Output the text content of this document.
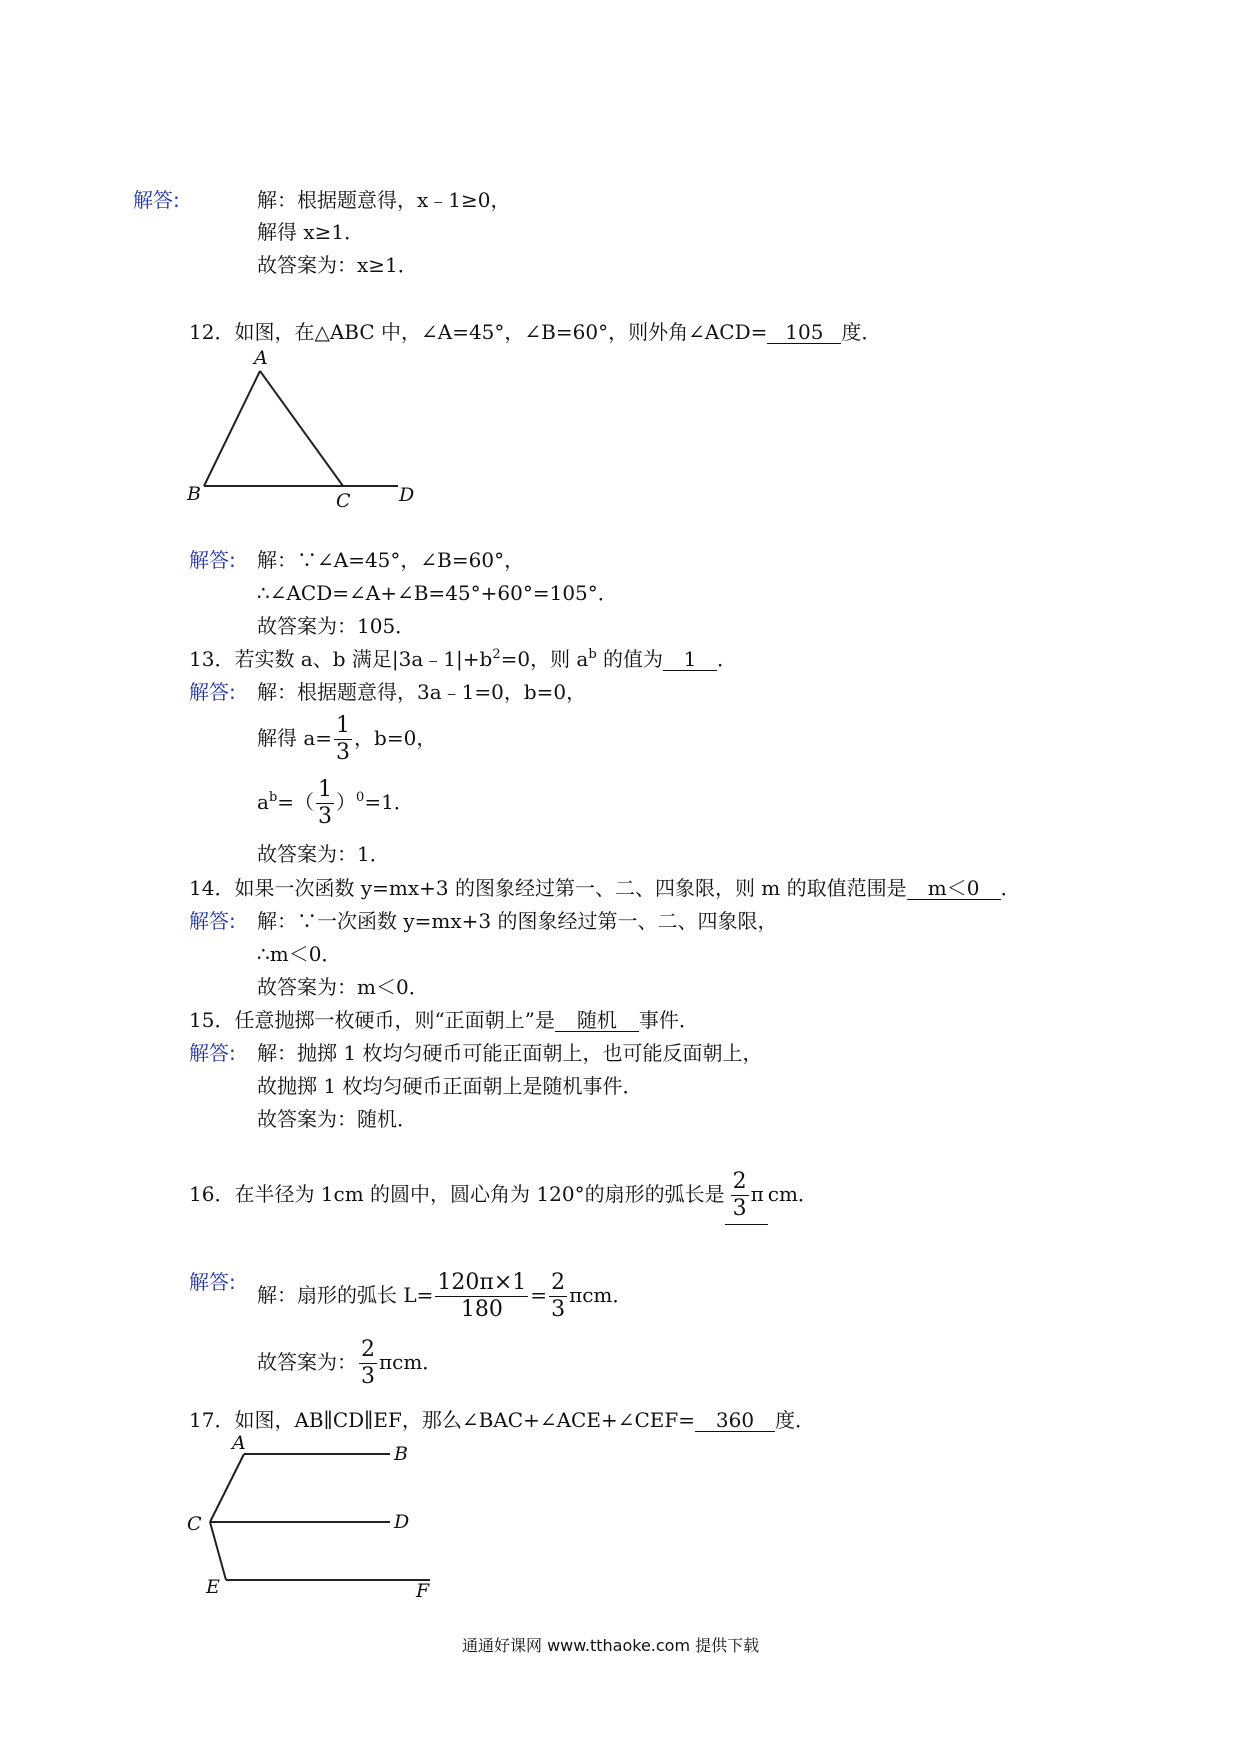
解答:	解：根据题意得，x﹣1≥0，
解得 x≥1．
故答案为：x≥1．
12．如图，在△ABC 中，∠A=45°，∠B=60°，则外角∠ACD= 105 度．
A
B	C	D
解答: 解：∵∠A=45°，∠B=60°，
∴∠ACD=∠A+∠B=45°+60°=105°．
故答案为：105．
13．若实数 a、b 满足$|3a﹣1|+b^2=0$，则 $a^b$ 的值为 1 ．
解答: 解：根据题意得，3a﹣1=0，b=0，
解得 $a= \frac{1}{3}$ ，b=0，
$a^b=( \frac{1}{3} )^0=1$．
故答案为：1．
14．如果一次函数 y=mx+3 的图象经过第一、二、四象限，则 m 的取值范围是 m＜0 ．
解答: 解：∵一次函数 y=mx+3 的图象经过第一、二、四象限，
∴m＜0．
故答案为：m＜0．
15．任意抛掷一枚硬币，则“正面朝上”是 随机 事件．
解答: 解：抛掷 1 枚均匀硬币可能正面朝上，也可能反面朝上，
故抛掷 1 枚均匀硬币正面朝上是随机事件．
故答案为：随机．
16．在半径为 1cm 的圆中，圆心角为 120°的扇形的弧长是 $\frac{2}{3}$ π cm．
解答:
解：扇形的弧长 $L= \frac{120\pi\times 1}{180} = \frac{2}{3}$ πcm．
故答案为： $\frac{2}{3}$ πcm．
17．如图，AB∥CD∥EF，那么∠BAC+∠ACE+∠CEF= 360 度．
A	B
C	D
E	F
通通好课网 www.tthaoke.com 提供下载
